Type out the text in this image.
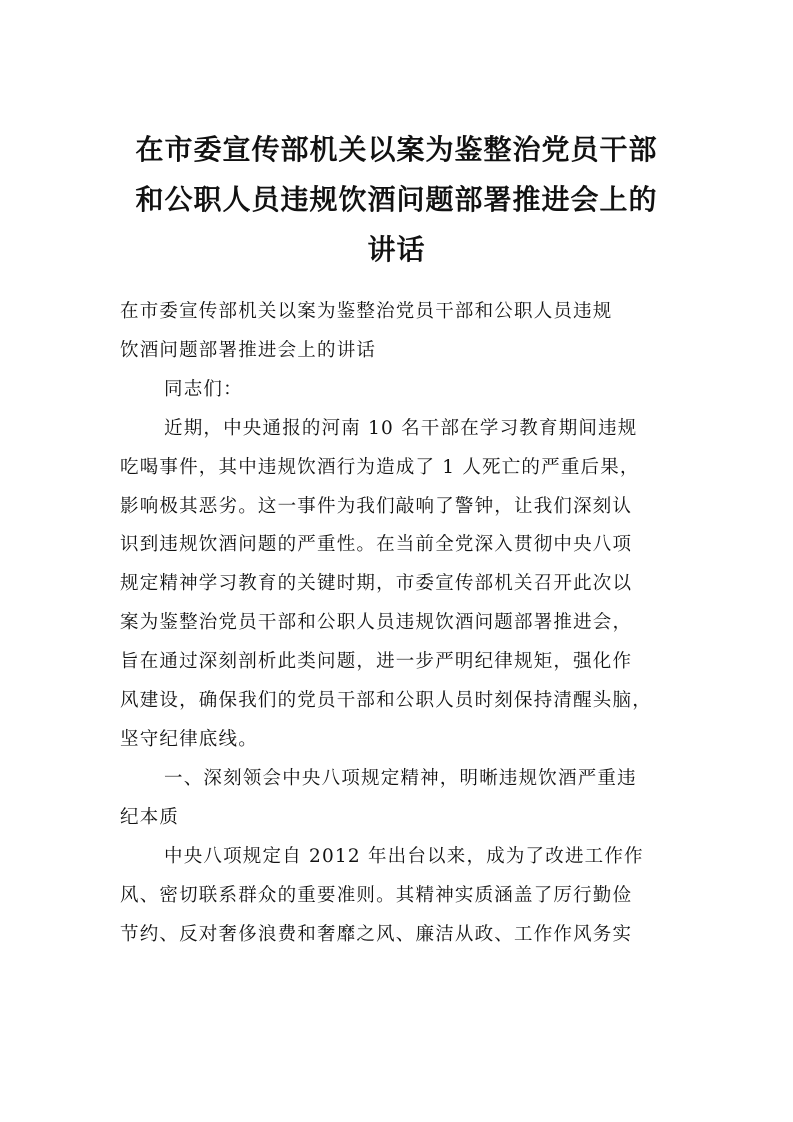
在市委宣传部机关以案为鉴整治党员干部
和公职人员违规饮酒问题部署推进会上的
讲话

在市委宣传部机关以案为鉴整治党员干部和公职人员违规
饮酒问题部署推进会上的讲话

同志们：

近期，中央通报的河南 10 名干部在学习教育期间违规
吃喝事件，其中违规饮酒行为造成了 1 人死亡的严重后果，
影响极其恶劣。这一事件为我们敲响了警钟，让我们深刻认
识到违规饮酒问题的严重性。在当前全党深入贯彻中央八项
规定精神学习教育的关键时期，市委宣传部机关召开此次以
案为鉴整治党员干部和公职人员违规饮酒问题部署推进会，
旨在通过深刻剖析此类问题，进一步严明纪律规矩，强化作
风建设，确保我们的党员干部和公职人员时刻保持清醒头脑，
坚守纪律底线。

一、深刻领会中央八项规定精神，明晰违规饮酒严重违
纪本质

中央八项规定自 2012 年出台以来，成为了改进工作作
风、密切联系群众的重要准则。其精神实质涵盖了厉行勤俭
节约、反对奢侈浪费和奢靡之风、廉洁从政、工作作风务实
